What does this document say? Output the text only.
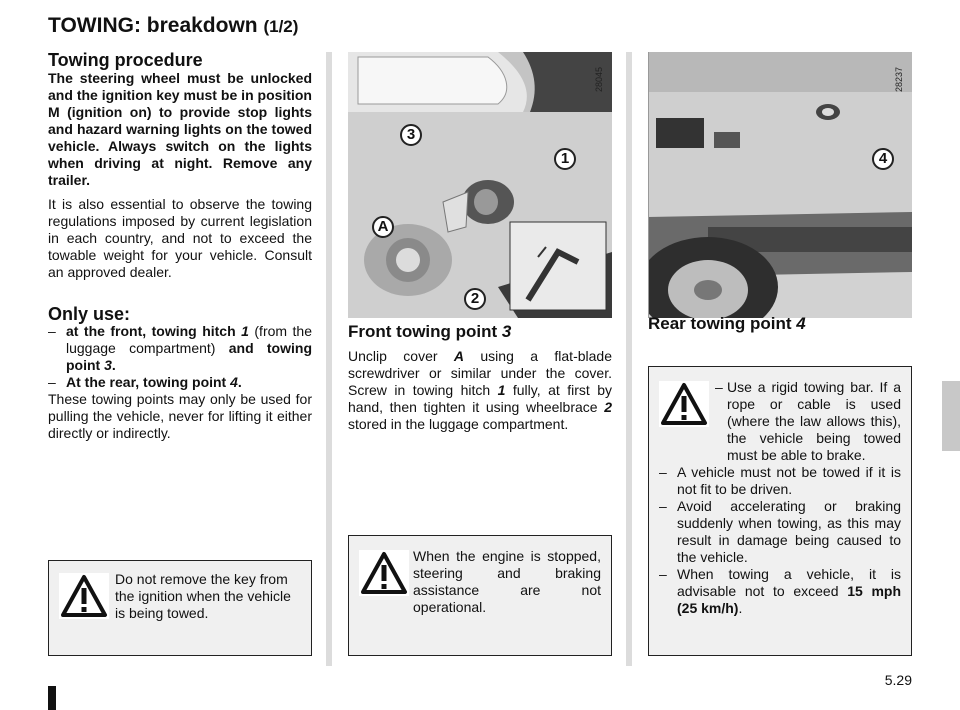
TOWING: breakdown (1/2)
Towing procedure
The steering wheel must be unlocked and the ignition key must be in position M (ignition on) to provide stop lights and hazard warning lights on the towed vehicle. Always switch on the lights when driving at night. Remove any trailer.
It is also essential to observe the towing regulations imposed by current legislation in each country, and not to exceed the towable weight for your vehicle. Consult an approved dealer.
Only use:
– at the front, towing hitch 1 (from the luggage compartment) and towing point 3.
– At the rear, towing point 4.
These towing points may only be used for pulling the vehicle, never for lifting it either directly or indirectly.
Do not remove the key from the ignition when the vehicle is being towed.
28045
3
1
A
2
Front towing point 3
Unclip cover A using a flat-blade screwdriver or similar under the cover. Screw in towing hitch 1 fully, at first by hand, then tighten it using wheelbrace 2 stored in the luggage compartment.
When the engine is stopped, steering and braking assistance are not operational.
28237
4
Rear towing point 4
– Use a rigid towing bar. If a rope or cable is used (where the law allows this), the vehicle being towed must be able to brake.
– A vehicle must not be towed if it is not fit to be driven.
– Avoid accelerating or braking suddenly when towing, as this may result in damage being caused to the vehicle.
– When towing a vehicle, it is advisable not to exceed 15 mph (25 km/h).
5.29
